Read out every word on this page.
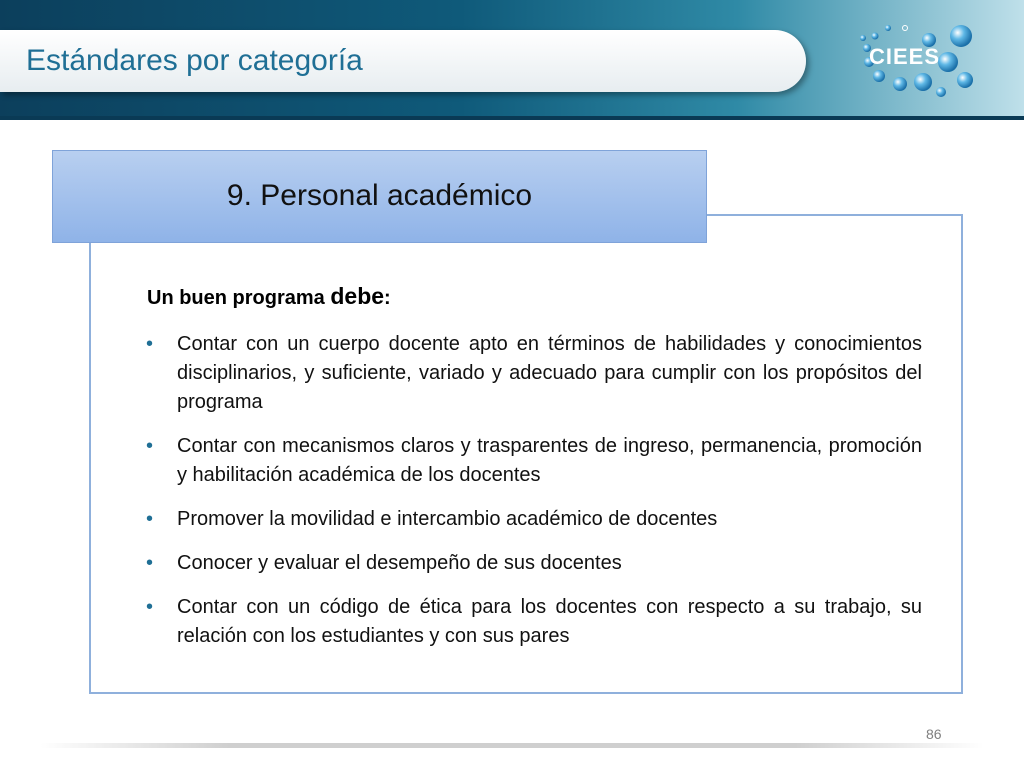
Estándares por categoría	CIEES
9. Personal académico
Un buen programa debe:
• Contar con un cuerpo docente apto en términos de habilidades y conocimientos disciplinarios, y suficiente, variado y adecuado para cumplir con los propósitos del programa
• Contar con mecanismos claros y trasparentes de ingreso, permanencia, promoción y habilitación académica de los docentes
• Promover la movilidad e intercambio académico de docentes
• Conocer y evaluar el desempeño de sus docentes
• Contar con un código de ética para los docentes con respecto a su trabajo, su relación con los estudiantes y con sus pares
86
